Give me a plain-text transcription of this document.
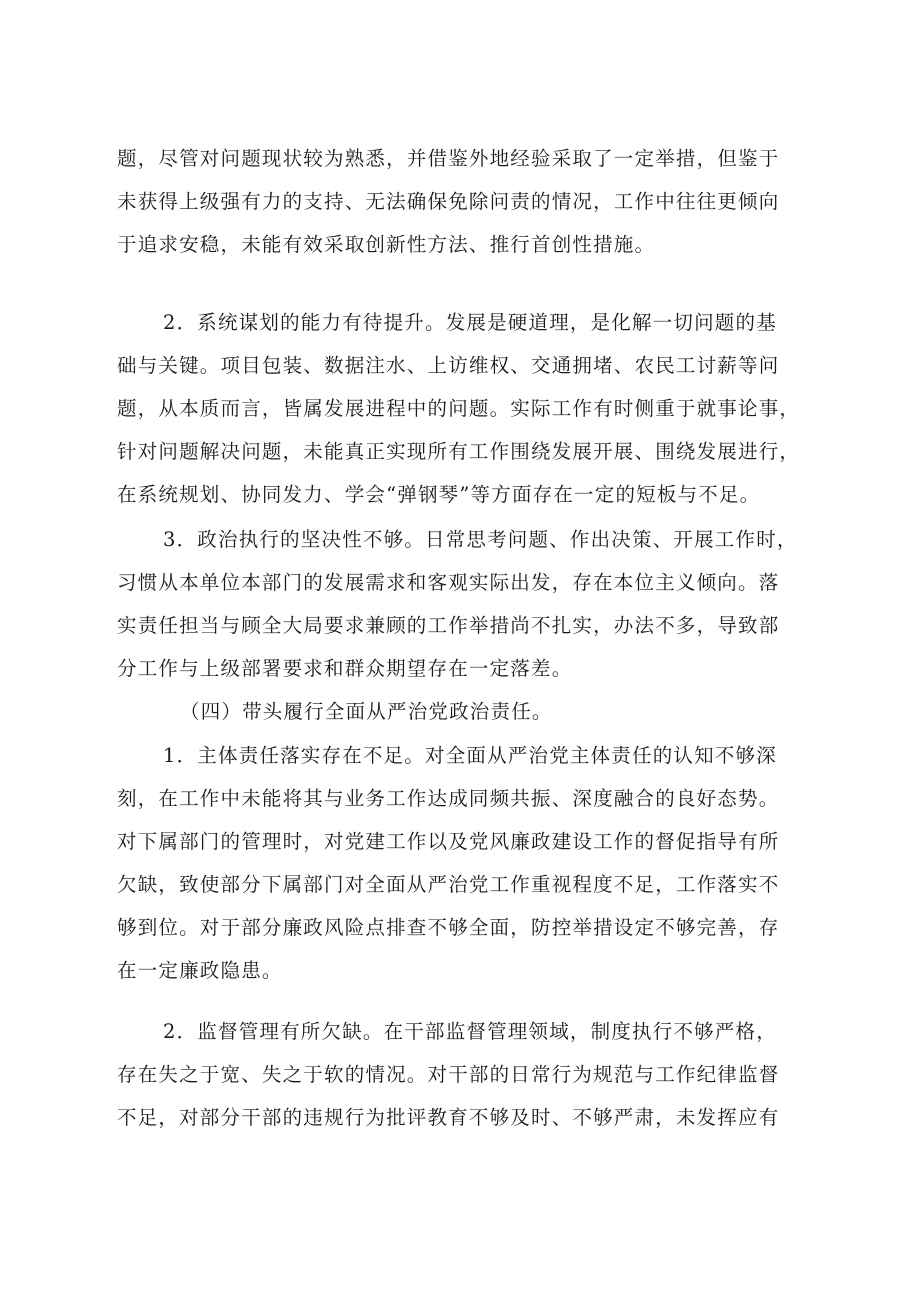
题，尽管对问题现状较为熟悉，并借鉴外地经验采取了一定举措，但鉴于

未获得上级强有力的支持、无法确保免除问责的情况，工作中往往更倾向

于追求安稳，未能有效采取创新性方法、推行首创性措施。

2．系统谋划的能力有待提升。发展是硬道理，是化解一切问题的基

础与关键。项目包装、数据注水、上访维权、交通拥堵、农民工讨薪等问

题，从本质而言，皆属发展进程中的问题。实际工作有时侧重于就事论事，

针对问题解决问题，未能真正实现所有工作围绕发展开展、围绕发展进行，

在系统规划、协同发力、学会“弹钢琴”等方面存在一定的短板与不足。

3．政治执行的坚决性不够。日常思考问题、作出决策、开展工作时，

习惯从本单位本部门的发展需求和客观实际出发，存在本位主义倾向。落

实责任担当与顾全大局要求兼顾的工作举措尚不扎实，办法不多，导致部

分工作与上级部署要求和群众期望存在一定落差。

（四）带头履行全面从严治党政治责任。

1．主体责任落实存在不足。对全面从严治党主体责任的认知不够深

刻，在工作中未能将其与业务工作达成同频共振、深度融合的良好态势。

对下属部门的管理时，对党建工作以及党风廉政建设工作的督促指导有所

欠缺，致使部分下属部门对全面从严治党工作重视程度不足，工作落实不

够到位。对于部分廉政风险点排查不够全面，防控举措设定不够完善，存

在一定廉政隐患。

2．监督管理有所欠缺。在干部监督管理领域，制度执行不够严格，

存在失之于宽、失之于软的情况。对干部的日常行为规范与工作纪律监督

不足，对部分干部的违规行为批评教育不够及时、不够严肃，未发挥应有
